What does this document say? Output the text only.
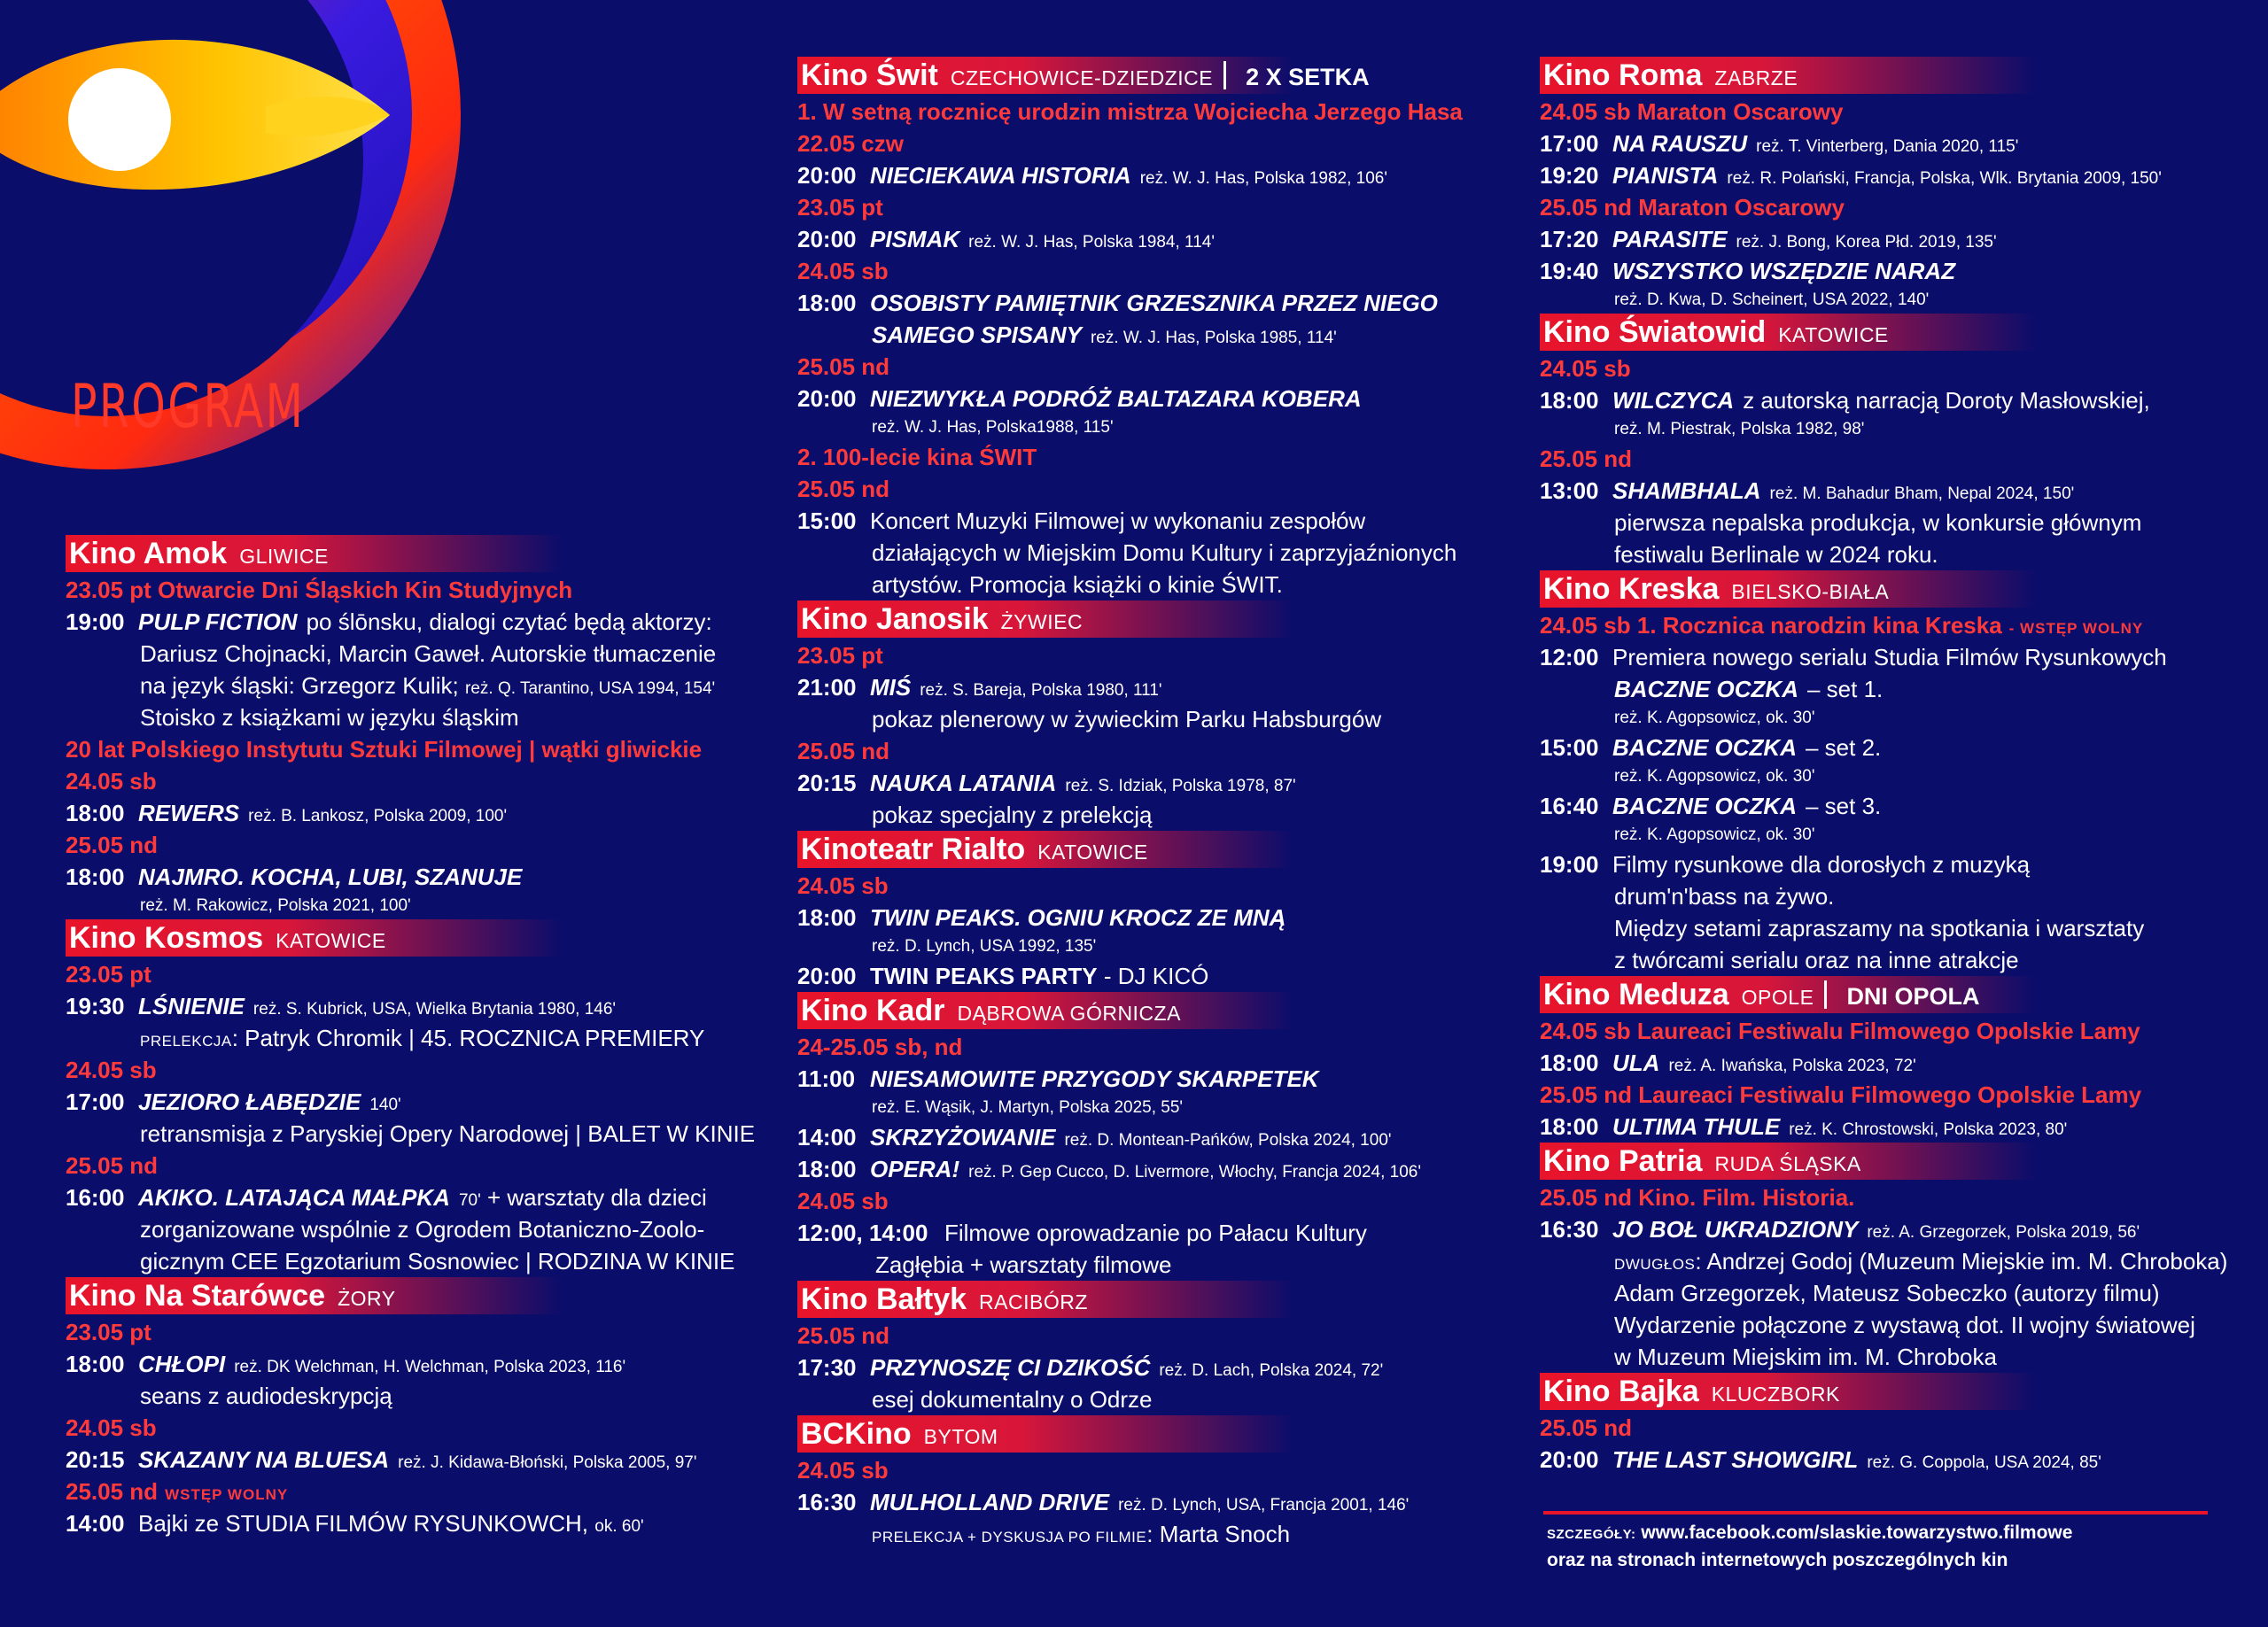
PROGRAM
Kino Amok GLIWICE
23.05 pt Otwarcie Dni Śląskich Kin Studyjnych
19:00 PULP FICTION po ślōnsku, dialogi czytać będą aktorzy:
Dariusz Chojnacki, Marcin Gaweł. Autorskie tłumaczenie
na język śląski: Grzegorz Kulik; reż. Q. Tarantino, USA 1994, 154'
Stoisko z książkami w języku śląskim
20 lat Polskiego Instytutu Sztuki Filmowej | wątki gliwickie
24.05 sb
18:00 REWERS reż. B. Lankosz, Polska 2009, 100'
25.05 nd
18:00 NAJMRO. KOCHA, LUBI, SZANUJE
reż. M. Rakowicz, Polska 2021, 100'
Kino Kosmos KATOWICE
23.05 pt
19:30 LŚNIENIE reż. S. Kubrick, USA, Wielka Brytania 1980, 146'
PRELEKCJA: Patryk Chromik | 45. ROCZNICA PREMIERY
24.05 sb
17:00 JEZIORO ŁABĘDZIE 140'
retransmisja z Paryskiej Opery Narodowej | BALET W KINIE
25.05 nd
16:00 AKIKO. LATAJĄCA MAŁPKA 70' + warsztaty dla dzieci
zorganizowane wspólnie z Ogrodem Botaniczno-Zoolo-
gicznym CEE Egzotarium Sosnowiec | RODZINA W KINIE
Kino Na Starówce ŻORY
23.05 pt
18:00 CHŁOPI reż. DK Welchman, H. Welchman, Polska 2023, 116'
seans z audiodeskrypcją
24.05 sb
20:15 SKAZANY NA BLUESA reż. J. Kidawa-Błoński, Polska 2005, 97'
25.05 nd WSTĘP WOLNY
14:00 Bajki ze STUDIA FILMÓW RYSUNKOWCH, ok. 60'
Kino Świt CZECHOWICE-DZIEDZICE 2 X SETKA
1. W setną rocznicę urodzin mistrza Wojciecha Jerzego Hasa
22.05 czw
20:00 NIECIEKAWA HISTORIA reż. W. J. Has, Polska 1982, 106'
23.05 pt
20:00 PISMAK reż. W. J. Has, Polska 1984, 114'
24.05 sb
18:00 OSOBISTY PAMIĘTNIK GRZESZNIKA PRZEZ NIEGO
SAMEGO SPISANY reż. W. J. Has, Polska 1985, 114'
25.05 nd
20:00 NIEZWYKŁA PODRÓŻ BALTAZARA KOBERA
reż. W. J. Has, Polska1988, 115'
2. 100-lecie kina ŚWIT
25.05 nd
15:00 Koncert Muzyki Filmowej w wykonaniu zespołów
działających w Miejskim Domu Kultury i zaprzyjaźnionych
artystów. Promocja książki o kinie ŚWIT.
Kino Janosik ŻYWIEC
23.05 pt
21:00 MIŚ reż. S. Bareja, Polska 1980, 111'
pokaz plenerowy w żywieckim Parku Habsburgów
25.05 nd
20:15 NAUKA LATANIA reż. S. Idziak, Polska 1978, 87'
pokaz specjalny z prelekcją
Kinoteatr Rialto KATOWICE
24.05 sb
18:00 TWIN PEAKS. OGNIU KROCZ ZE MNĄ
reż. D. Lynch, USA 1992, 135'
20:00 TWIN PEAKS PARTY - DJ KICÓ
Kino Kadr DĄBROWA GÓRNICZA
24-25.05 sb, nd
11:00 NIESAMOWITE PRZYGODY SKARPETEK
reż. E. Wąsik, J. Martyn, Polska 2025, 55'
14:00 SKRZYŻOWANIE reż. D. Montean-Pańków, Polska 2024, 100'
18:00 OPERA! reż. P. Gep Cucco, D. Livermore, Włochy, Francja 2024, 106'
24.05 sb
12:00, 14:00 Filmowe oprowadzanie po Pałacu Kultury
Zagłębia + warsztaty filmowe
Kino Bałtyk RACIBÓRZ
25.05 nd
17:30 PRZYNOSZĘ CI DZIKOŚĆ reż. D. Lach, Polska 2024, 72'
esej dokumentalny o Odrze
BCKino BYTOM
24.05 sb
16:30 MULHOLLAND DRIVE reż. D. Lynch, USA, Francja 2001, 146'
PRELEKCJA + DYSKUSJA PO FILMIE: Marta Snoch
Kino Roma ZABRZE
24.05 sb Maraton Oscarowy
17:00 NA RAUSZU reż. T. Vinterberg, Dania 2020, 115'
19:20 PIANISTA reż. R. Polański, Francja, Polska, Wlk. Brytania 2009, 150'
25.05 nd Maraton Oscarowy
17:20 PARASITE reż. J. Bong, Korea Płd. 2019, 135'
19:40 WSZYSTKO WSZĘDZIE NARAZ
reż. D. Kwa, D. Scheinert, USA 2022, 140'
Kino Światowid KATOWICE
24.05 sb
18:00 WILCZYCA z autorską narracją Doroty Masłowskiej,
reż. M. Piestrak, Polska 1982, 98'
25.05 nd
13:00 SHAMBHALA reż. M. Bahadur Bham, Nepal 2024, 150'
pierwsza nepalska produkcja, w konkursie głównym
festiwalu Berlinale w 2024 roku.
Kino Kreska BIELSKO-BIAŁA
24.05 sb 1. Rocznica narodzin kina Kreska - WSTĘP WOLNY
12:00 Premiera nowego serialu Studia Filmów Rysunkowych
BACZNE OCZKA – set 1.
reż. K. Agopsowicz, ok. 30'
15:00 BACZNE OCZKA – set 2.
reż. K. Agopsowicz, ok. 30'
16:40 BACZNE OCZKA – set 3.
reż. K. Agopsowicz, ok. 30'
19:00 Filmy rysunkowe dla dorosłych z muzyką
drum'n'bass na żywo.
Między setami zapraszamy na spotkania i warsztaty
z twórcami serialu oraz na inne atrakcje
Kino Meduza OPOLE DNI OPOLA
24.05 sb Laureaci Festiwalu Filmowego Opolskie Lamy
18:00 ULA reż. A. Iwańska, Polska 2023, 72'
25.05 nd Laureaci Festiwalu Filmowego Opolskie Lamy
18:00 ULTIMA THULE reż. K. Chrostowski, Polska 2023, 80'
Kino Patria RUDA ŚLĄSKA
25.05 nd Kino. Film. Historia.
16:30 JO BOŁ UKRADZIONY reż. A. Grzegorzek, Polska 2019, 56'
DWUGŁOS: Andrzej Godoj (Muzeum Miejskie im. M. Chroboka)
Adam Grzegorzek, Mateusz Sobeczko (autorzy filmu)
Wydarzenie połączone z wystawą dot. II wojny światowej
w Muzeum Miejskim im. M. Chroboka
Kino Bajka KLUCZBORK
25.05 nd
20:00 THE LAST SHOWGIRL reż. G. Coppola, USA 2024, 85'
SZCZEGÓŁY: www.facebook.com/slaskie.towarzystwo.filmowe
oraz na stronach internetowych poszczególnych kin
